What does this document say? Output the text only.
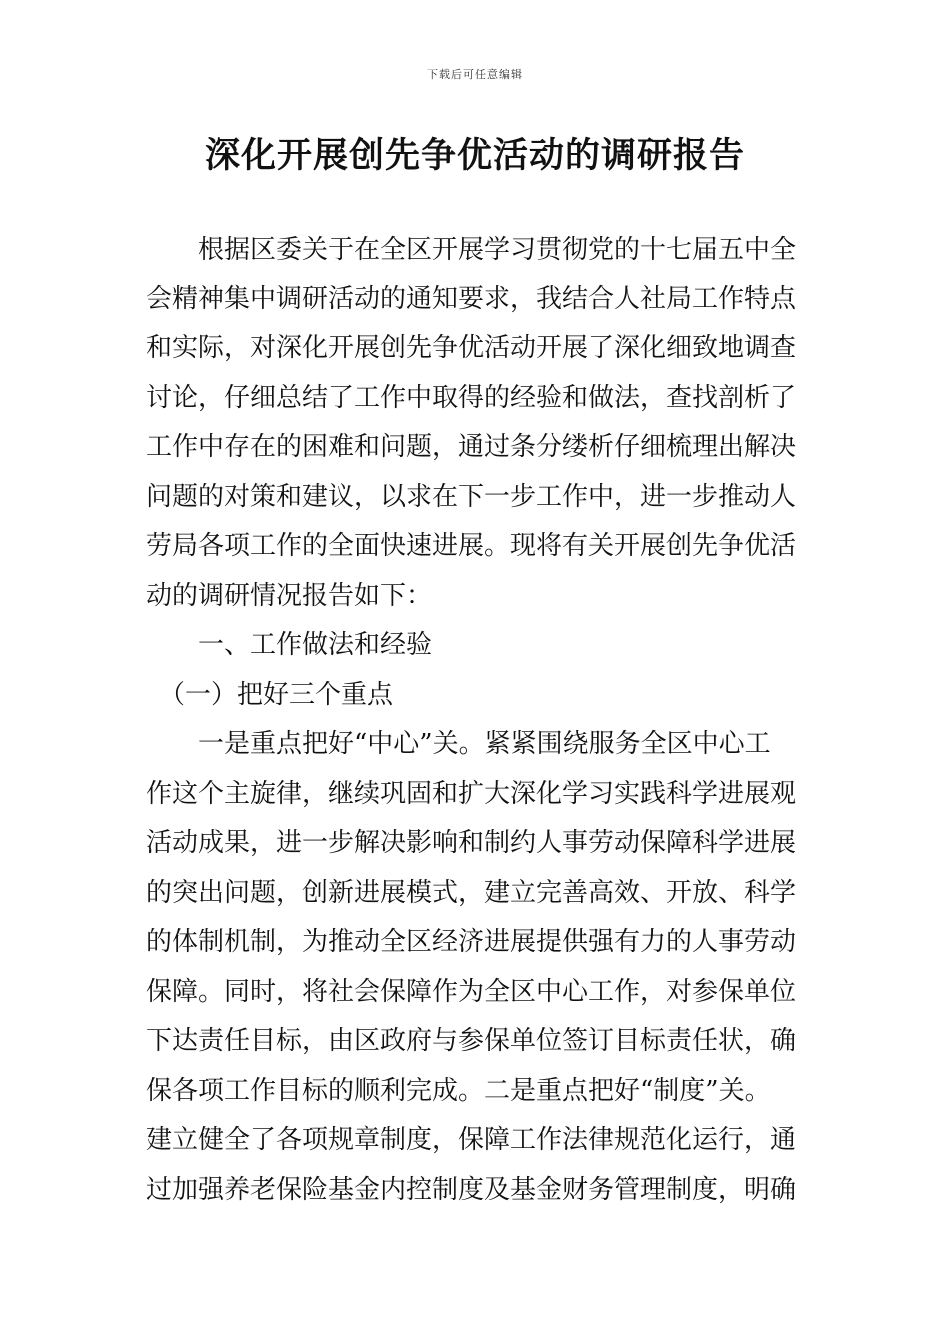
下载后可任意编辑
深化开展创先争优活动的调研报告
　　根据区委关于在全区开展学习贯彻党的十七届五中全
会精神集中调研活动的通知要求，我结合人社局工作特点
和实际，对深化开展创先争优活动开展了深化细致地调查
讨论，仔细总结了工作中取得的经验和做法，查找剖析了
工作中存在的困难和问题，通过条分缕析仔细梳理出解决
问题的对策和建议，以求在下一步工作中，进一步推动人
劳局各项工作的全面快速进展。现将有关开展创先争优活
动的调研情况报告如下：
　　一、工作做法和经验
　（一）把好三个重点
　　一是重点把好“中心”关。紧紧围绕服务全区中心工
作这个主旋律，继续巩固和扩大深化学习实践科学进展观
活动成果，进一步解决影响和制约人事劳动保障科学进展
的突出问题，创新进展模式，建立完善高效、开放、科学
的体制机制，为推动全区经济进展提供强有力的人事劳动
保障。同时，将社会保障作为全区中心工作，对参保单位
下达责任目标，由区政府与参保单位签订目标责任状，确
保各项工作目标的顺利完成。二是重点把好“制度”关。
建立健全了各项规章制度，保障工作法律规范化运行，通
过加强养老保险基金内控制度及基金财务管理制度，明确
